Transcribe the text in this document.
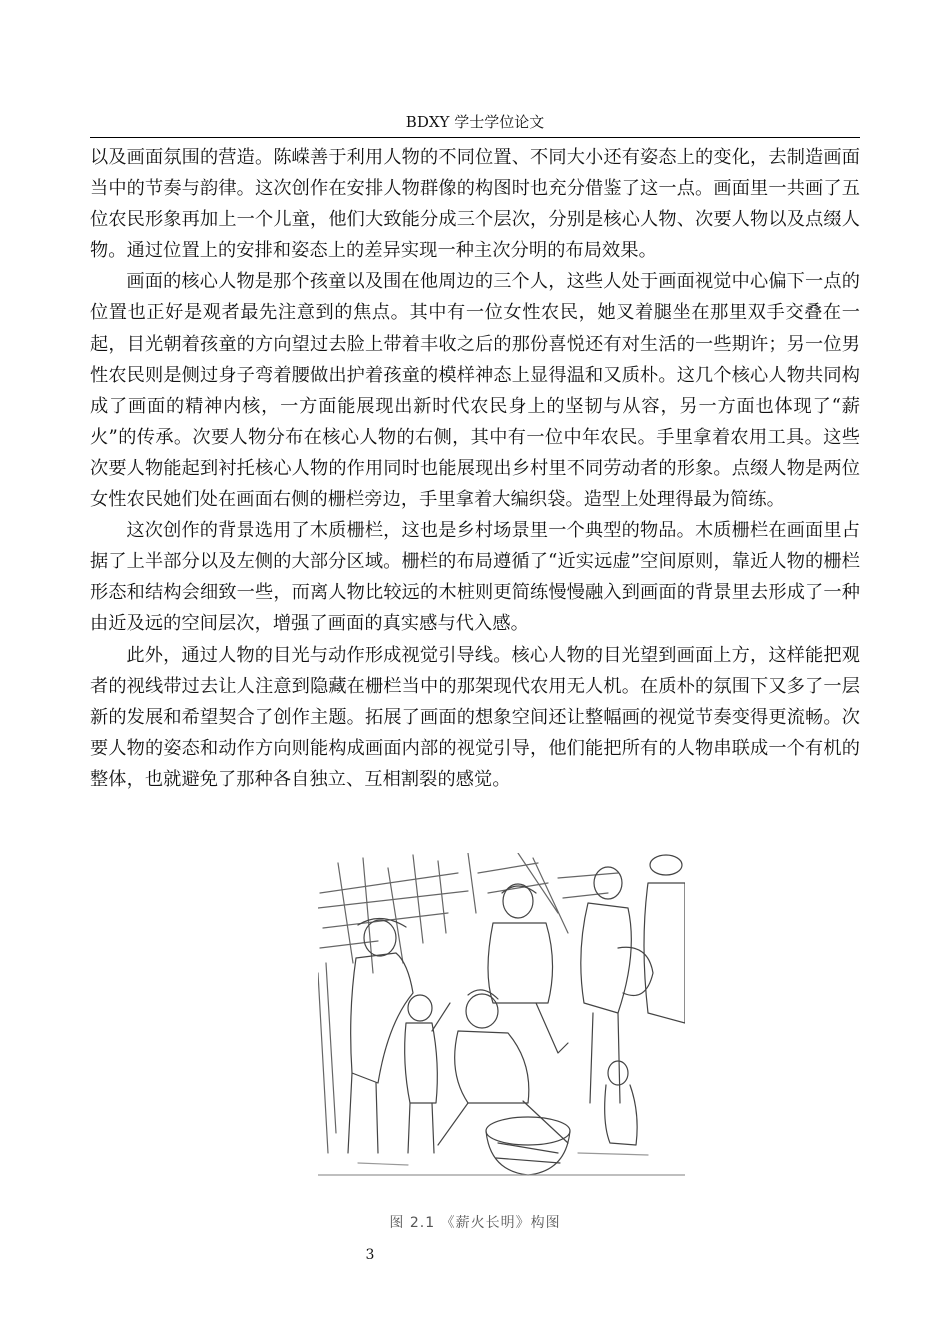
BDXY 学士学位论文

以及画面氛围的营造。陈嵘善于利用人物的不同位置、不同大小还有姿态上的变化，去制造画面当中的节奏与韵律。这次创作在安排人物群像的构图时也充分借鉴了这一点。画面里一共画了五位农民形象再加上一个儿童，他们大致能分成三个层次，分别是核心人物、次要人物以及点缀人物。通过位置上的安排和姿态上的差异实现一种主次分明的布局效果。

画面的核心人物是那个孩童以及围在他周边的三个人，这些人处于画面视觉中心偏下一点的位置也正好是观者最先注意到的焦点。其中有一位女性农民，她叉着腿坐在那里双手交叠在一起，目光朝着孩童的方向望过去脸上带着丰收之后的那份喜悦还有对生活的一些期许；另一位男性农民则是侧过身子弯着腰做出护着孩童的模样神态上显得温和又质朴。这几个核心人物共同构成了画面的精神内核，一方面能展现出新时代农民身上的坚韧与从容，另一方面也体现了“薪火”的传承。次要人物分布在核心人物的右侧，其中有一位中年农民。手里拿着农用工具。这些次要人物能起到衬托核心人物的作用同时也能展现出乡村里不同劳动者的形象。点缀人物是两位女性农民她们处在画面右侧的栅栏旁边，手里拿着大编织袋。造型上处理得最为简练。

这次创作的背景选用了木质栅栏，这也是乡村场景里一个典型的物品。木质栅栏在画面里占据了上半部分以及左侧的大部分区域。栅栏的布局遵循了“近实远虚”空间原则，靠近人物的栅栏形态和结构会细致一些，而离人物比较远的木桩则更简练慢慢融入到画面的背景里去形成了一种由近及远的空间层次，增强了画面的真实感与代入感。

此外，通过人物的目光与动作形成视觉引导线。核心人物的目光望到画面上方，这样能把观者的视线带过去让人注意到隐藏在栅栏当中的那架现代农用无人机。在质朴的氛围下又多了一层新的发展和希望契合了创作主题。拓展了画面的想象空间还让整幅画的视觉节奏变得更流畅。次要人物的姿态和动作方向则能构成画面内部的视觉引导，他们能把所有的人物串联成一个有机的整体，也就避免了那种各自独立、互相割裂的感觉。

图 2.1 《薪火长明》构图
3
